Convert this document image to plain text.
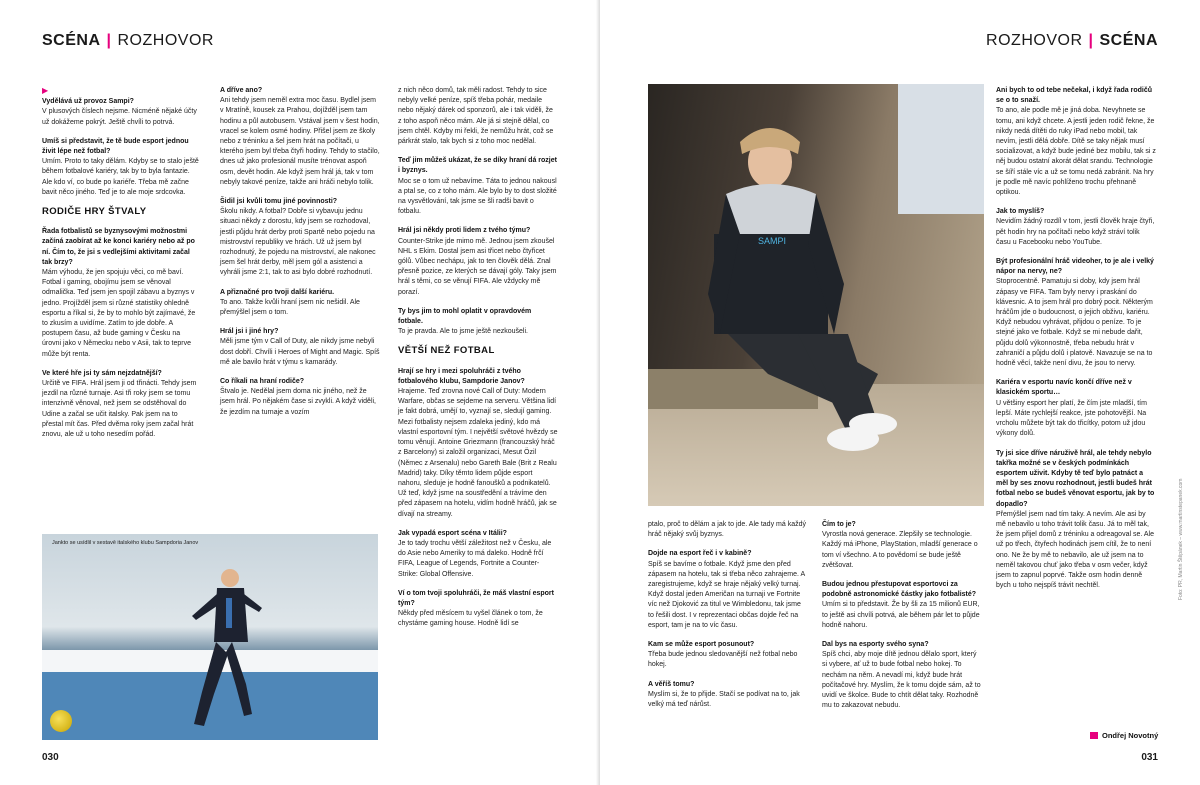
SCÉNA | ROZHOVOR

▶
Vydělává už provoz Sampi?
V plusových číslech nejsme. Nicméně nějaké účty už dokážeme pokrýt. Ještě chvíli to potrvá.

Umíš si představit, že tě bude esport jednou živit lépe než fotbal?
Umím. Proto to taky dělám. Kdyby se to stalo ještě během fotbalové kariéry, tak by to byla fantazie. Ale kdo ví, co bude po kariéře. Třeba mě začne bavit něco jiného. Teď je to ale moje srdcovka.

RODIČE HRY ŠTVALY

Řada fotbalistů se byznysovými možnostmi začíná zaobírat až ke konci kariéry nebo až po ní. Čím to, že jsi s vedlejšími aktivitami začal tak brzy?
Mám výhodu, že jen spojuju věci, co mě baví. Fotbal i gaming, obojímu jsem se věnoval odmalička. Teď jsem jen spojil zábavu a byznys v jedno. Projížděl jsem si různé statistiky ohledně esportu a říkal si, že by to mohlo být zajímavé, že to zkusím a uvidíme. Zatím to jde dobře. A postupem času, až bude gaming v Česku na úrovni jako v Německu nebo v Asii, tak to teprve může být renta.

Ve které hře jsi ty sám nejzdatnější?
Určitě ve FIFA. Hrál jsem ji od třinácti. Tehdy jsem jezdil na různé turnaje. Asi tři roky jsem se tomu intenzivně věnoval, než jsem se odstěhoval do Udine a začal se učit italsky. Pak jsem na to přestal mít čas. Před dvěma roky jsem začal hrát znovu, ale už u toho nesedím pořád.

A dříve ano?
Ani tehdy jsem neměl extra moc času. Bydlel jsem v Mratíně, kousek za Prahou, dojížděl jsem tam hodinu a půl autobusem. Vstával jsem v šest hodin, vracel se kolem osmé hodiny. Přišel jsem ze školy nebo z tréninku a šel jsem hrát na počítači, u kterého jsem byl třeba čtyři hodiny. Tehdy to stačilo, dnes už jako profesionál musíte trénovat aspoň osm, devět hodin. Ale když jsem hrál já, tak v tom nebyly takové peníze, takže ani hráči nebylo tolik.

Šidil jsi kvůli tomu jiné povinnosti?
Školu nikdy. A fotbal? Dobře si vybavuju jednu situaci někdy z dorostu, kdy jsem se rozhodoval, jestli půjdu hrát derby proti Spartě nebo pojedu na mistrovství republiky ve hrách. Už už jsem byl rozhodnutý, že pojedu na mistrovství, ale nakonec jsem šel hrát derby, měl jsem gól a asistenci a vyhráli jsme 2:1, tak to asi bylo dobré rozhodnutí.

A přiznačné pro tvoji další kariéru.
To ano. Takže kvůli hraní jsem nic nešidil. Ale přemýšlel jsem o tom.

Hrál jsi i jiné hry?
Měli jsme tým v Call of Duty, ale nikdy jsme nebyli dost dobří. Chvíli i Heroes of Might and Magic. Spíš mě ale bavilo hrát v týmu s kamarády.

Co říkali na hraní rodiče?
Štvalo je. Nedělal jsem doma nic jiného, než že jsem hrál. Po nějakém čase si zvykli. A když viděli, že jezdím na turnaje a vozím

z nich něco domů, tak měli radost. Tehdy to sice nebyly velké peníze, spíš třeba pohár, medaile nebo nějaký dárek od sponzorů, ale i tak viděli, že z toho aspoň něco mám. Ale já si stejně dělal, co jsem chtěl. Kdyby mi řekli, že nemůžu hrát, což se párkrát stalo, tak bych si z toho moc nedělal.

Teď jim můžeš ukázat, že se díky hraní dá rozjet i byznys.
Moc se o tom už nebavíme. Táta to jednou nakousl a ptal se, co z toho mám. Ale bylo by to dost složité na vysvětlování, tak jsme se šli radši bavit o fotbalu.

Hrál jsi někdy proti lidem z tvého týmu?
Counter-Strike jde mimo mě. Jednou jsem zkoušel NHL s Ekim. Dostal jsem asi třicet nebo čtyřicet gólů. Vůbec nechápu, jak to ten člověk dělá. Znal přesně pozice, ze kterých se dávají góly. Taky jsem hrál s těmi, co se věnují FIFA. Ale vždycky mě porazí.

Ty bys jim to mohl oplatit v opravdovém fotbale.
To je pravda. Ale to jsme ještě nezkoušeli.

VĚTŠÍ NEŽ FOTBAL

Hrají se hry i mezi spoluhráči z tvého fotbalového klubu, Sampdorie Janov?
Hrajeme. Teď zrovna nové Call of Duty: Modern Warfare, občas se sejdeme na serveru. Většina lidí je fakt dobrá, umějí to, vyznají se, sledují gaming. Mezi fotbalisty nejsem zdaleka jediný, kdo má vlastní esportovní tým. I největší světové hvězdy se tomu věnují. Antoine Griezmann (francouzský hráč z Barcelony) si založil organizaci, Mesut Özil (Němec z Arsenalu) nebo Gareth Bale (Brit z Realu Madrid) taky. Díky těmto lidem půjde esport nahoru, sleduje je hodně fanoušků a podnikatelů. Už teď, když jsme na soustředění a trávíme den před zápasem na hotelu, vidím hodně hráčů, jak se dívají na streamy.

Jak vypadá esport scéna v Itálii?
Je to tady trochu větší záležitost než v Česku, ale do Asie nebo Ameriky to má daleko. Hodně frčí FIFA, League of Legends, Fortnite a Counter-Strike: Global Offensive.

Ví o tom tvoji spoluhráči, že máš vlastní esport tým?
Někdy před měsícem tu vyšel článek o tom, že chystáme gaming house. Hodně lidí se

Jankto se usídlil v sestavě italského klubu Sampdoria Janov
030
ROZHOVOR | SCÉNA
SAMPI

ptalo, proč to dělám a jak to jde. Ale tady má každý hráč nějaký svůj byznys.

Dojde na esport řeč i v kabině?
Spíš se bavíme o fotbale. Když jsme den před zápasem na hotelu, tak si třeba něco zahrajeme. A zaregistrujeme, když se hraje nějaký velký turnaj. Když dostal jeden Američan na turnaji ve Fortnite víc než Djoković za titul ve Wimbledonu, tak jsme to řešili dost. I v reprezentaci občas dojde řeč na esport, tam je na to víc času.

Kam se může esport posunout?
Třeba bude jednou sledovanější než fotbal nebo hokej.

A věříš tomu?
Myslím si, že to přijde. Stačí se podívat na to, jak velký má teď nárůst.

Čím to je?
Vyrostla nová generace. Zlepšily se technologie. Každý má iPhone, PlayStation, mladší generace o tom ví všechno. A to povědomí se bude ještě zvětšovat.

Budou jednou přestupovat esportovci za podobně astronomické částky jako fotbalisté?
Umím si to představit. Že by šli za 15 milionů EUR, to ještě asi chvíli potrvá, ale během pár let to půjde hodně nahoru.

Dal bys na esporty svého syna?
Spíš chci, aby moje dítě jednou dělalo sport, který si vybere, ať už to bude fotbal nebo hokej. To nechám na něm. A nevadí mi, když bude hrát počítačové hry. Myslím, že k tomu dojde sám, až to uvidí ve školce. Bude to chtít dělat taky. Rozhodně mu to zakazovat nebudu.

Ani bych to od tebe nečekal, i když řada rodičů se o to snaží.
To ano, ale podle mě je jiná doba. Nevyhnete se tomu, ani když chcete. A jestli jeden rodič řekne, že nikdy nedá dítěti do ruky iPad nebo mobil, tak nevím, jestli dělá dobře. Dítě se taky nějak musí socializovat, a když bude jediné bez mobilu, tak si z něj budou ostatní akorát dělat srandu. Technologie se šíří stále víc a už se tomu nedá zabránit. Na hry je podle mě navíc pohlíženo trochu přehnaně optikou.

Jak to myslíš?
Nevidím žádný rozdíl v tom, jestli člověk hraje čtyři, pět hodin hry na počítači nebo když stráví tolik času u Facebooku nebo YouTube.

Být profesionální hráč videoher, to je ale i velký nápor na nervy, ne?
Stoprocentně. Pamatuju si doby, kdy jsem hrál zápasy ve FIFA. Tam byly nervy i praskání do klávesnic. A to jsem hrál pro dobrý pocit. Některým hráčům jde o budoucnost, o jejich obživu, kariéru. Když nebudou vyhrávat, přijdou o peníze. To je stejné jako ve fotbale. Když se mi nebude dařit, půjdu dolů výkonnostně, třeba nebudu hrát v zahraničí a půjdu dolů i platově. Navazuje se na to hodně věcí, takže není divu, že jsou to nervy.

Kariéra v esportu navíc končí dříve než v klasickém sportu…
U většiny esport her platí, že čím jste mladší, tím lepší. Máte rychlejší reakce, jste pohotovější. Na vrcholu můžete být tak do třicítky, potom už jdou výkony dolů.

Ty jsi sice dříve náruživě hrál, ale tehdy nebylo takřka možné se v českých podmínkách esportem uživit. Kdyby tě teď bylo patnáct a měl by ses znovu rozhodnout, jestli budeš hrát fotbal nebo se budeš věnovat esportu, jak by to dopadlo?
Přemýšlel jsem nad tím taky. A nevím. Ale asi by mě nebavilo u toho trávit tolik času. Já to měl tak, že jsem přijel domů z tréninku a odreagoval se. Ale už po třech, čtyřech hodinách jsem cítil, že to není ono. Ne že by mě to nebavilo, ale už jsem na to neměl takovou chuť jako třeba v osm večer, když jsem to zapnul poprvé. Takže osm hodin denně bych u toho nejspíš trávit nechtěl.

Ondřej Novotný
Foto: PR, Martin Štěpánek – www.martinstepanek.com
031
